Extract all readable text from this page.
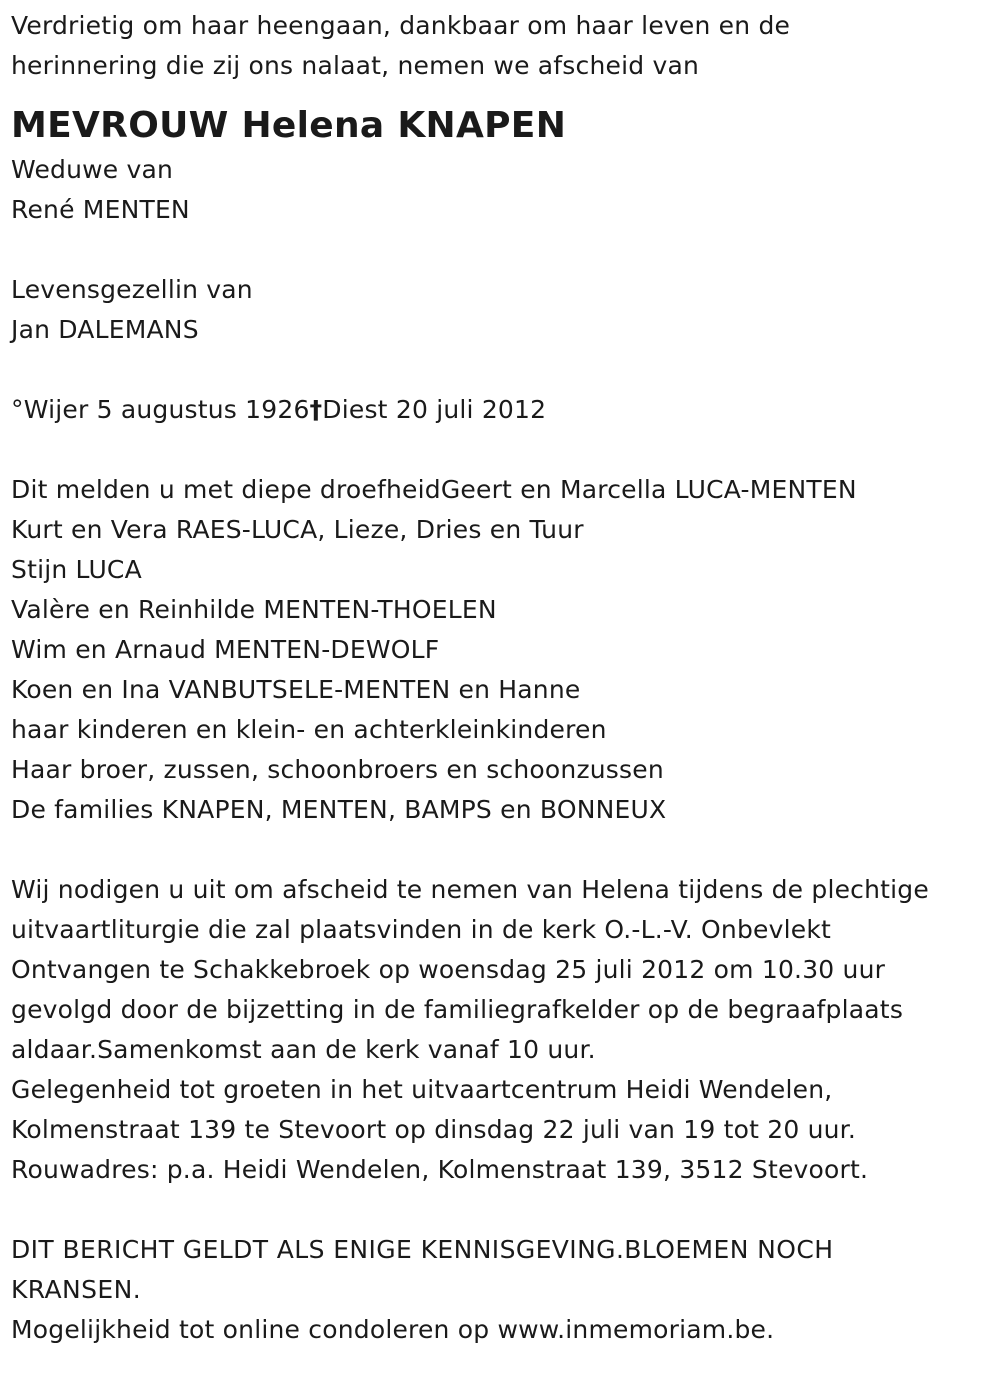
Verdrietig om haar heengaan, dankbaar om haar leven en de
herinnering die zij ons nalaat, nemen we afscheid van
MEVROUW Helena KNAPEN
Weduwe van
René MENTEN
Levensgezellin van
Jan DALEMANS
°Wijer 5 augustus 1926†Diest 20 juli 2012
Dit melden u met diepe droefheidGeert en Marcella LUCA-MENTEN
Kurt en Vera RAES-LUCA, Lieze, Dries en Tuur
Stijn LUCA
Valère en Reinhilde MENTEN-THOELEN
Wim en Arnaud MENTEN-DEWOLF
Koen en Ina VANBUTSELE-MENTEN en Hanne
haar kinderen en klein- en achterkleinkinderen
Haar broer, zussen, schoonbroers en schoonzussen
De families KNAPEN, MENTEN, BAMPS en BONNEUX
Wij nodigen u uit om afscheid te nemen van Helena tijdens de plechtige
uitvaartliturgie die zal plaatsvinden in de kerk O.-L.-V. Onbevlekt
Ontvangen te Schakkebroek op woensdag 25 juli 2012 om 10.30 uur
gevolgd door de bijzetting in de familiegrafkelder op de begraafplaats
aldaar.Samenkomst aan de kerk vanaf 10 uur.
Gelegenheid tot groeten in het uitvaartcentrum Heidi Wendelen,
Kolmenstraat 139 te Stevoort op dinsdag 22 juli van 19 tot 20 uur.
Rouwadres: p.a. Heidi Wendelen, Kolmenstraat 139, 3512 Stevoort.
DIT BERICHT GELDT ALS ENIGE KENNISGEVING.BLOEMEN NOCH
KRANSEN.
Mogelijkheid tot online condoleren op www.inmemoriam.be.
